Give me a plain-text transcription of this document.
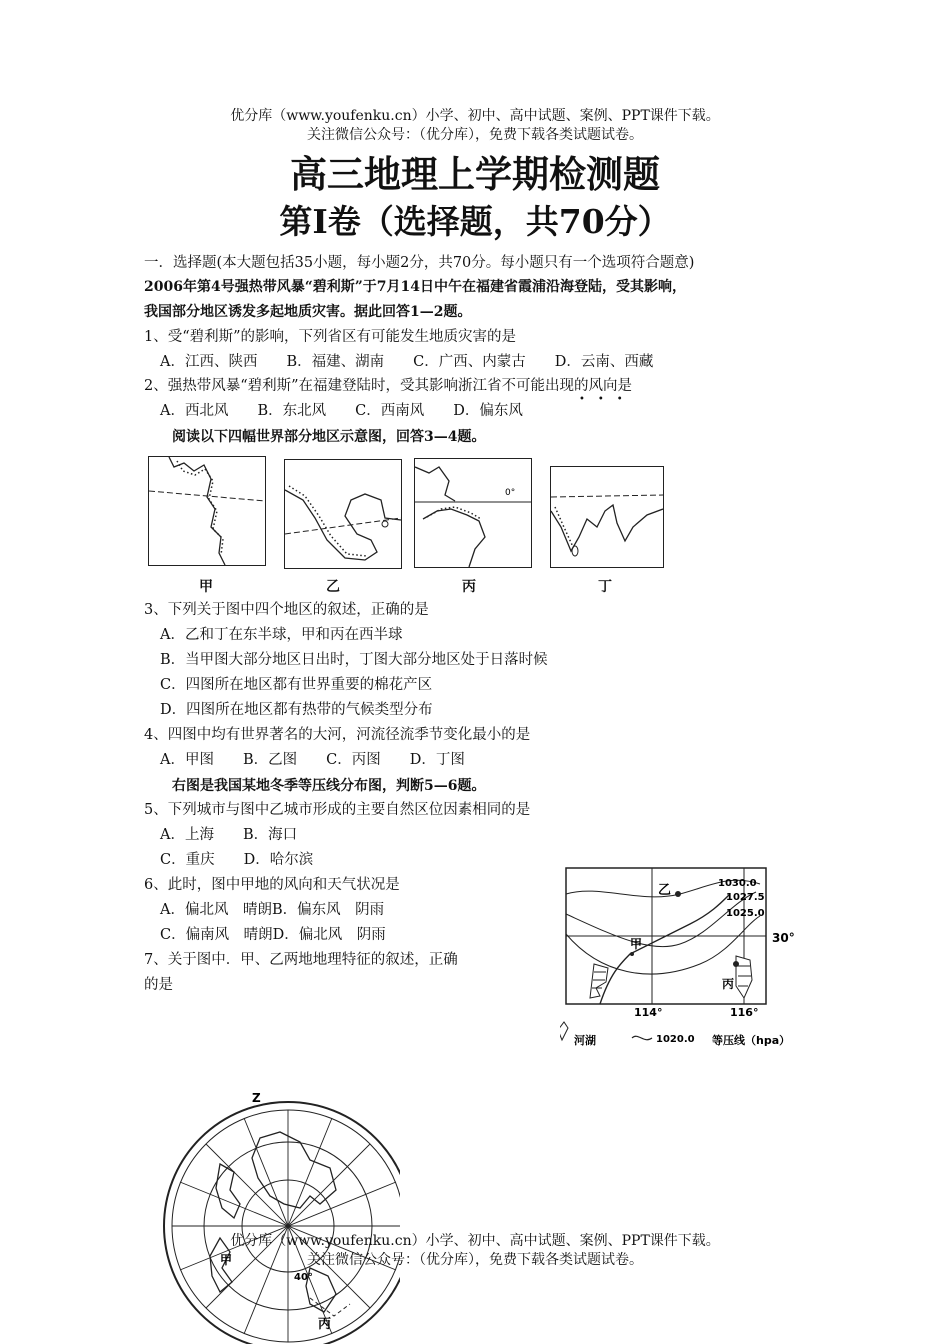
优分库（www.youfenku.cn）小学、初中、高中试题、案例、PPT课件下载。
关注微信公众号：（优分库），免费下载各类试题试卷。
高三地理上学期检测题
第Ⅰ卷（选择题，共70分）
一．选择题(本大题包括35小题，每小题2分，共70分。每小题只有一个选项符合题意)
2006年第4号强热带风暴“碧利斯”于7月14日中午在福建省霞浦沿海登陆，受其影响，
我国部分地区诱发多起地质灾害。据此回答1—2题。
1、受“碧利斯”的影响，下列省区有可能发生地质灾害的是
A．江西、陕西　　B．福建、湖南　　C．广西、内蒙古　　D．云南、西藏
2、强热带风暴“碧利斯”在福建登陆时，受其影响浙江省不可能出现的风向是
•••
A．西北风　　B．东北风　　C．西南风　　D．偏东风
阅读以下四幅世界部分地区示意图，回答3—4题。
0°
甲	乙	丙	丁
3、下列关于图中四个地区的叙述，正确的是
A．乙和丁在东半球，甲和丙在西半球
B．当甲图大部分地区日出时，丁图大部分地区处于日落时候
C．四图所在地区都有世界重要的棉花产区
D．四图所在地区都有热带的气候类型分布
4、四图中均有世界著名的大河，河流径流季节变化最小的是
A．甲图　　B．乙图　　C．丙图　　D．丁图
右图是我国某地冬季等压线分布图，判断5—6题。
5、下列城市与图中乙城市形成的主要自然区位因素相同的是
A．上海　　B．海口
C．重庆　　D．哈尔滨
6、此时，图中甲地的风向和天气状况是
A．偏北风　晴朗B．偏东风　阴雨
C．偏南风　晴朗D．偏北风　阴雨
7、关于图中．甲、乙两地地理特征的叙述，正确
的是
1030.0
1027.5
1025.0
30°
114°	116°
乙
甲
丙
河湖	1020.0 等压线（hpa）
Z
甲
丙
40°
优分库（www.youfenku.cn）小学、初中、高中试题、案例、PPT课件下载。
关注微信公众号：（优分库），免费下载各类试题试卷。
